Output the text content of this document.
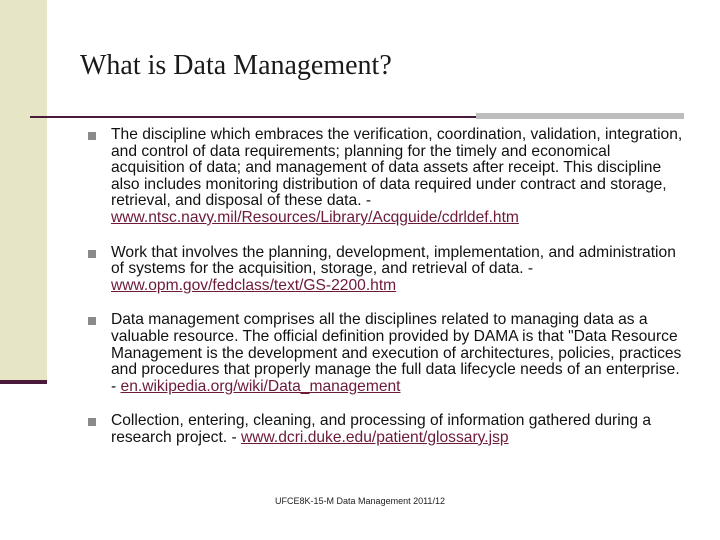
What is Data Management?
The discipline which embraces the verification, coordination, validation, integration, and control of data requirements; planning for the timely and economical acquisition of data; and management of data assets after receipt. This discipline also includes monitoring distribution of data required under contract and storage, retrieval, and disposal of these data. - www.ntsc.navy.mil/Resources/Library/Acqguide/cdrldef.htm
Work that involves the planning, development, implementation, and administration of systems for the acquisition, storage, and retrieval of data. - www.opm.gov/fedclass/text/GS-2200.htm
Data management comprises all the disciplines related to managing data as a valuable resource. The official definition provided by DAMA is that "Data Resource Management is the development and execution of architectures, policies, practices and procedures that properly manage the full data lifecycle needs of an enterprise. - en.wikipedia.org/wiki/Data_management
Collection, entering, cleaning, and processing of information gathered during a research project. - www.dcri.duke.edu/patient/glossary.jsp
UFCE8K-15-M Data Management 2011/12
